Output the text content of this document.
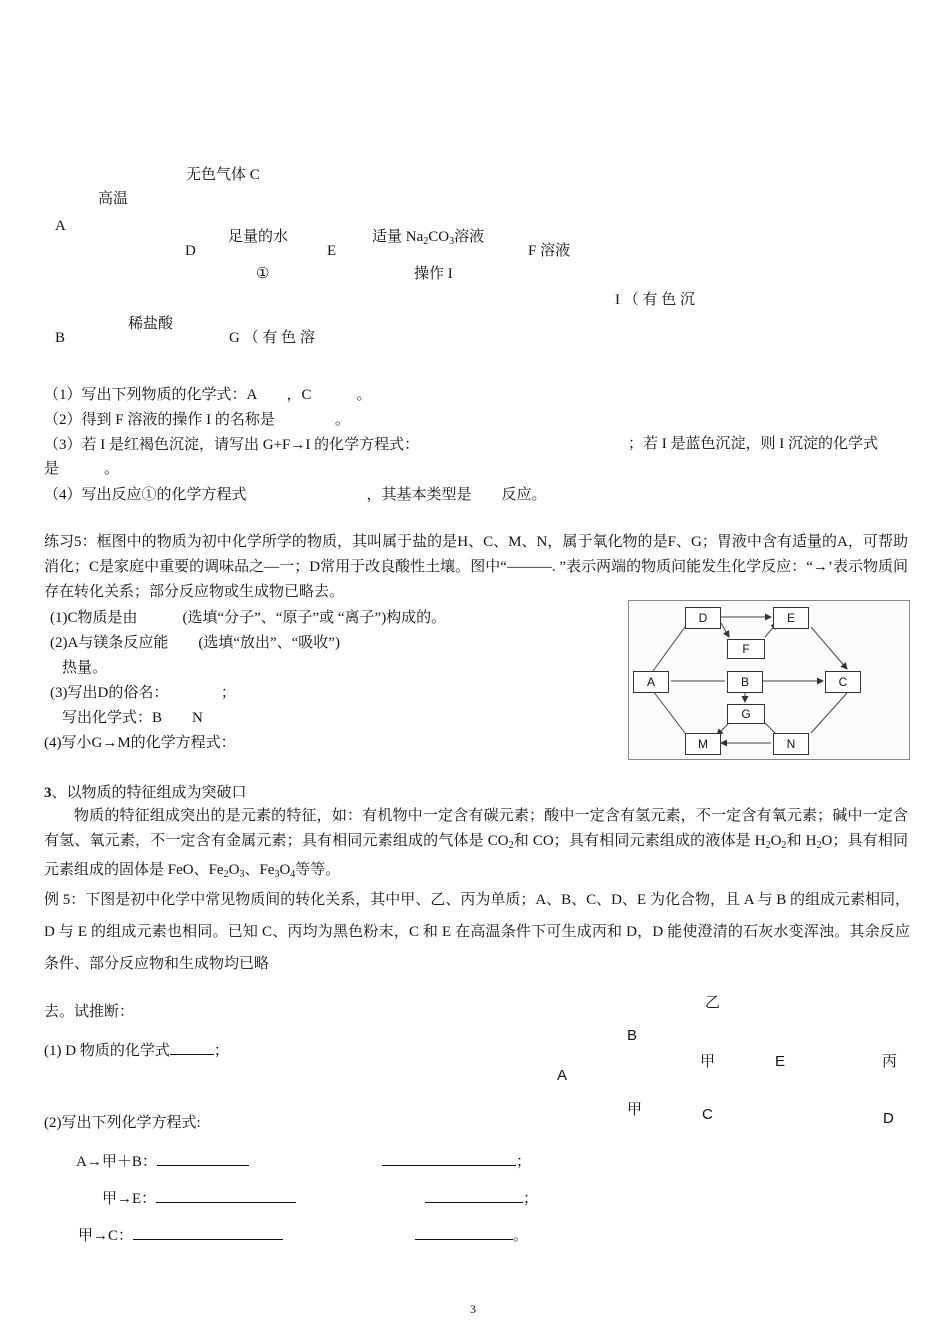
无色气体 C
高温
A
D
足量的水
E
适量 $Na_2CO_3$溶液
F 溶液
①	操作 I
I （ 有 色 沉
稀盐酸
B	G （ 有 色 溶
（1）写出下列物质的化学式：A　　，C　　　。
（2）得到 F 溶液的操作 I 的名称是　　　　。
（3）若 I 是红褐色沉淀，请写出 G+F→I 的化学方程式：	；若 I 是蓝色沉淀，则 I 沉淀的化学式
是　　　。
（4）写出反应①的化学方程式　　　　　　　　，其基本类型是　　反应。
练习5：框图中的物质为初中化学所学的物质，其叫属于盐的是H、C、M、N，属于氧化物的是F、G；胃液中含有适量的A，可帮助消化；C是家庭中重要的调味品之—一；D常用于改良酸性土壤。图中“———. ”表示两端的物质问能发生化学反应：“→’表示物质间存在转化关系；部分反应物或生成物已略去。
(1)C物质是由　　　(选填“分子”、“原子”或 “离子”)构成的。
(2)A与镁条反应能　　(选填“放出”、“吸收”)
热量。
(3)写出D的俗名：　　　　；
写出化学式：B　　N
(4)写小G→M的化学方程式：
D	E
F
A	B	C
G
M	N
3、以物质的特征组成为突破口
物质的特征组成突出的是元素的特征，如：有机物中一定含有碳元素；酸中一定含有氢元素，不一定含有氧元素；碱中一定含有氢、氧元素，不一定含有金属元素；具有相同元素组成的气体是 $CO_2$和 CO；具有相同元素组成的液体是 $H_2O_2$和 $H_2O$；具有相同元素组成的固体是 FeO、$Fe_2O_3$、$Fe_3O_4$等等。
例 5：下图是初中化学中常见物质间的转化关系，其中甲、乙、丙为单质；A、B、C、D、E 为化合物，且 A 与 B 的组成元素相同，D 与 E 的组成元素也相同。已知 C、丙均为黑色粉末，C 和 E 在高温条件下可生成丙和 D，D 能使澄清的石灰水变浑浊。其余反应条件、部分反应物和生成物均已略
去。试推断：
(1) D 物质的化学式	；
(2)写出下列化学方程式:
A→甲＋B：	；
甲→E：	；
甲→C：	。
乙
B
甲	E	丙
A
甲	C	D
3
